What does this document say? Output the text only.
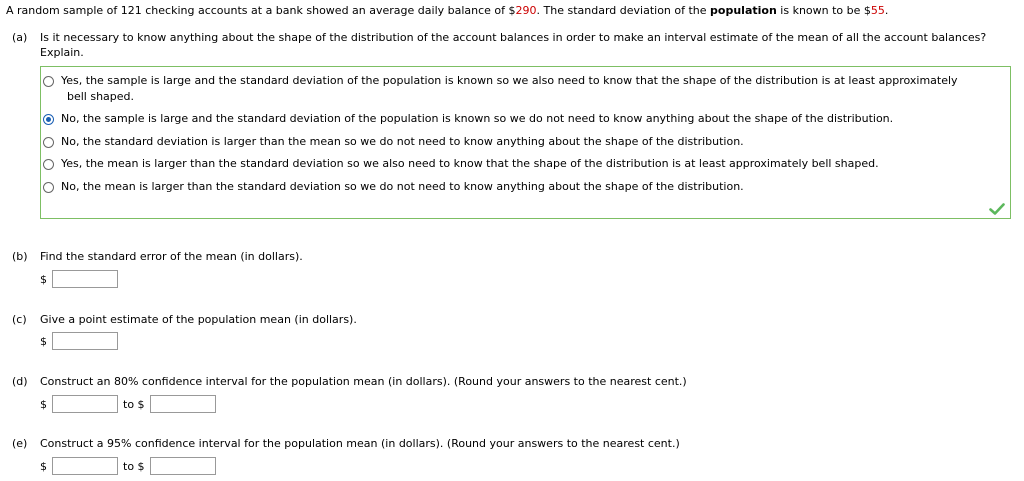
A random sample of 121 checking accounts at a bank showed an average daily balance of $290. The standard deviation of the population is known to be $55.
(a) Is it necessary to know anything about the shape of the distribution of the account balances in order to make an interval estimate of the mean of all the account balances?
Explain.
Yes, the sample is large and the standard deviation of the population is known so we also need to know that the shape of the distribution is at least approximately
bell shaped.
No, the sample is large and the standard deviation of the population is known so we do not need to know anything about the shape of the distribution.
No, the standard deviation is larger than the mean so we do not need to know anything about the shape of the distribution.
Yes, the mean is larger than the standard deviation so we also need to know that the shape of the distribution is at least approximately bell shaped.
No, the mean is larger than the standard deviation so we do not need to know anything about the shape of the distribution.
(b) Find the standard error of the mean (in dollars).
$
(c) Give a point estimate of the population mean (in dollars).
$
(d) Construct an 80% confidence interval for the population mean (in dollars). (Round your answers to the nearest cent.)
$	to $
(e) Construct a 95% confidence interval for the population mean (in dollars). (Round your answers to the nearest cent.)
$	to $
